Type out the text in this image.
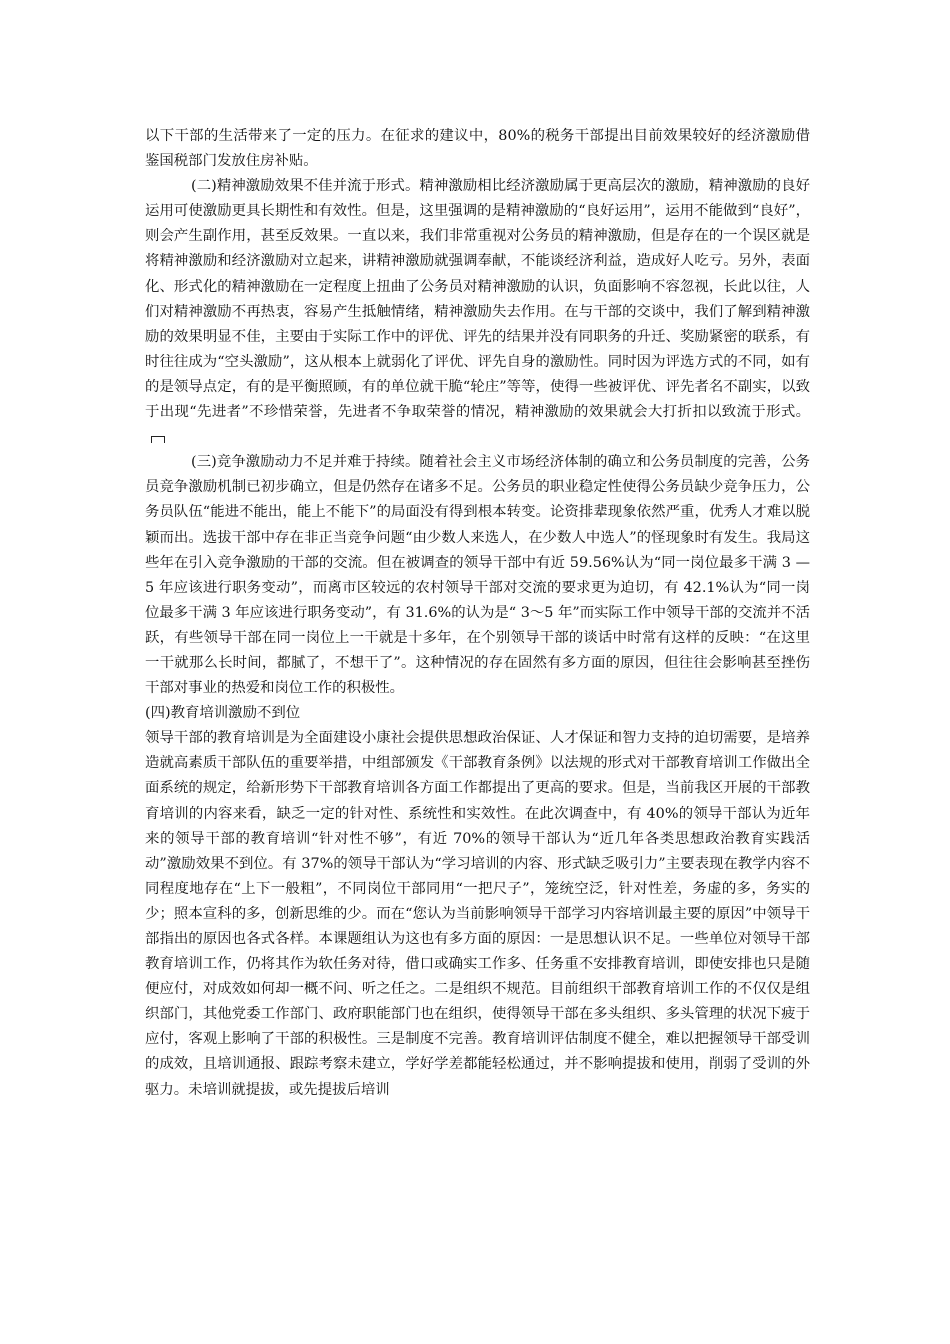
以下干部的生活带来了一定的压力。在征求的建议中，80%的税务干部提出目前效果较好的经济激励借鉴国税部门发放住房补贴。

(二)精神激励效果不佳并流于形式。精神激励相比经济激励属于更高层次的激励，精神激励的良好运用可使激励更具长期性和有效性。但是，这里强调的是精神激励的“良好运用”，运用不能做到“良好”，则会产生副作用，甚至反效果。一直以来，我们非常重视对公务员的精神激励，但是存在的一个误区就是将精神激励和经济激励对立起来，讲精神激励就强调奉献，不能谈经济利益，造成好人吃亏。另外，表面化、形式化的精神激励在一定程度上扭曲了公务员对精神激励的认识，负面影响不容忽视，长此以往，人们对精神激励不再热衷，容易产生抵触情绪，精神激励失去作用。在与干部的交谈中，我们了解到精神激励的效果明显不佳，主要由于实际工作中的评优、评先的结果并没有同职务的升迁、奖励紧密的联系，有时往往成为“空头激励”，这从根本上就弱化了评优、评先自身的激励性。同时因为评选方式的不同，如有的是领导点定，有的是平衡照顾，有的单位就干脆“轮庄”等等，使得一些被评优、评先者名不副实，以致于出现“先进者”不珍惜荣誉，先进者不争取荣誉的情况，精神激励的效果就会大打折扣以致流于形式。

(三)竞争激励动力不足并难于持续。随着社会主义市场经济体制的确立和公务员制度的完善，公务员竞争激励机制已初步确立，但是仍然存在诸多不足。公务员的职业稳定性使得公务员缺少竞争压力，公务员队伍“能进不能出，能上不能下”的局面没有得到根本转变。论资排辈现象依然严重，优秀人才难以脱颖而出。选拔干部中存在非正当竞争问题“由少数人来选人，在少数人中选人”的怪现象时有发生。我局这些年在引入竞争激励的干部的交流。但在被调查的领导干部中有近 59.56%认为“同一岗位最多干满 3 — 5 年应该进行职务变动”，而离市区较远的农村领导干部对交流的要求更为迫切，有 42.1%认为“同一岗位最多干满 3 年应该进行职务变动”，有 31.6%的认为是“ 3～5 年”而实际工作中领导干部的交流并不活跃，有些领导干部在同一岗位上一干就是十多年，在个别领导干部的谈话中时常有这样的反映：“在这里一干就那么长时间，都腻了，不想干了”。这种情况的存在固然有多方面的原因，但往往会影响甚至挫伤干部对事业的热爱和岗位工作的积极性。

(四)教育培训激励不到位

领导干部的教育培训是为全面建设小康社会提供思想政治保证、人才保证和智力支持的迫切需要，是培养造就高素质干部队伍的重要举措，中组部颁发《干部教育条例》以法规的形式对干部教育培训工作做出全面系统的规定，给新形势下干部教育培训各方面工作都提出了更高的要求。但是，当前我区开展的干部教育培训的内容来看，缺乏一定的针对性、系统性和实效性。在此次调查中，有 40%的领导干部认为近年来的领导干部的教育培训“针对性不够”，有近 70%的领导干部认为“近几年各类思想政治教育实践活动”激励效果不到位。有 37%的领导干部认为“学习培训的内容、形式缺乏吸引力”主要表现在教学内容不同程度地存在“上下一般粗”，不同岗位干部同用“一把尺子”，笼统空泛，针对性差，务虚的多，务实的少；照本宣科的多，创新思维的少。而在“您认为当前影响领导干部学习内容培训最主要的原因”中领导干部指出的原因也各式各样。本课题组认为这也有多方面的原因：一是思想认识不足。一些单位对领导干部教育培训工作，仍将其作为软任务对待，借口或确实工作多、任务重不安排教育培训，即使安排也只是随便应付，对成效如何却一概不问、听之任之。二是组织不规范。目前组织干部教育培训工作的不仅仅是组织部门，其他党委工作部门、政府职能部门也在组织，使得领导干部在多头组织、多头管理的状况下疲于应付，客观上影响了干部的积极性。三是制度不完善。教育培训评估制度不健全，难以把握领导干部受训的成效，且培训通报、跟踪考察未建立，学好学差都能轻松通过，并不影响提拔和使用，削弱了受训的外驱力。未培训就提拔，或先提拔后培训
